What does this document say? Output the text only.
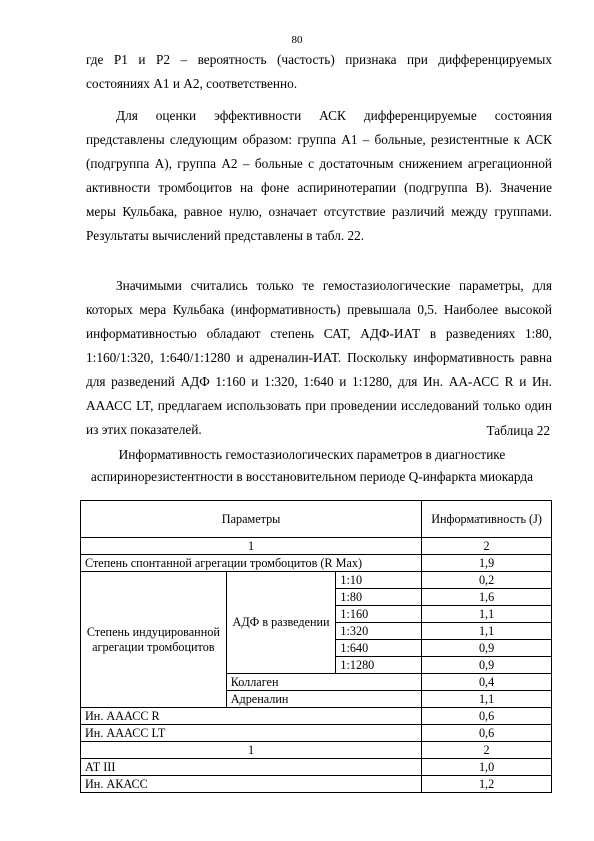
80

где P1 и P2 – вероятность (частость) признака при дифференцируемых состояниях А1 и А2, соответственно.

Для оценки эффективности АСК дифференцируемые состояния представлены следующим образом: группа А1 – больные, резистентные к АСК (подгруппа А), группа А2 – больные с достаточным снижением агрегационной активности тромбоцитов на фоне аспиринотерапии (подгруппа В). Значение меры Кульбака, равное нулю, означает отсутствие различий между группами. Результаты вычислений представлены в табл. 22.

Значимыми считались только те гемостазиологические параметры, для которых мера Кульбака (информативность) превышала 0,5. Наиболее высокой информативностью обладают степень САТ, АДФ-ИАТ в разведениях 1:80, 1:160/1:320, 1:640/1:1280 и адреналин-ИАТ. Поскольку информативность равна для разведений АДФ 1:160 и 1:320, 1:640 и 1:1280, для Ин. АА-АСС R и Ин. АААСС LT, предлагаем использовать при проведении исследований только один из этих показателей.	Таблица 22
Информативность гемостазиологических параметров в диагностике
аспиринорезистентности в восстановительном периоде Q-инфаркта миокарда
Параметры			Информативность (J)
1			2
Степень спонтанной агрегации тромбоцитов (R Max)			1,9
Степень индуцированной агрегации тромбоцитов	АДФ в разведении	1:10	0,2
		1:80	1,6
		1:160	1,1
		1:320	1,1
		1:640	0,9
		1:1280	0,9
	Коллаген		0,4
	Адреналин		1,1
Ин. АААСС R			0,6
Ин. АААСС LT			0,6
1			2
АТ III			1,0
Ин. АКАСС			1,2
